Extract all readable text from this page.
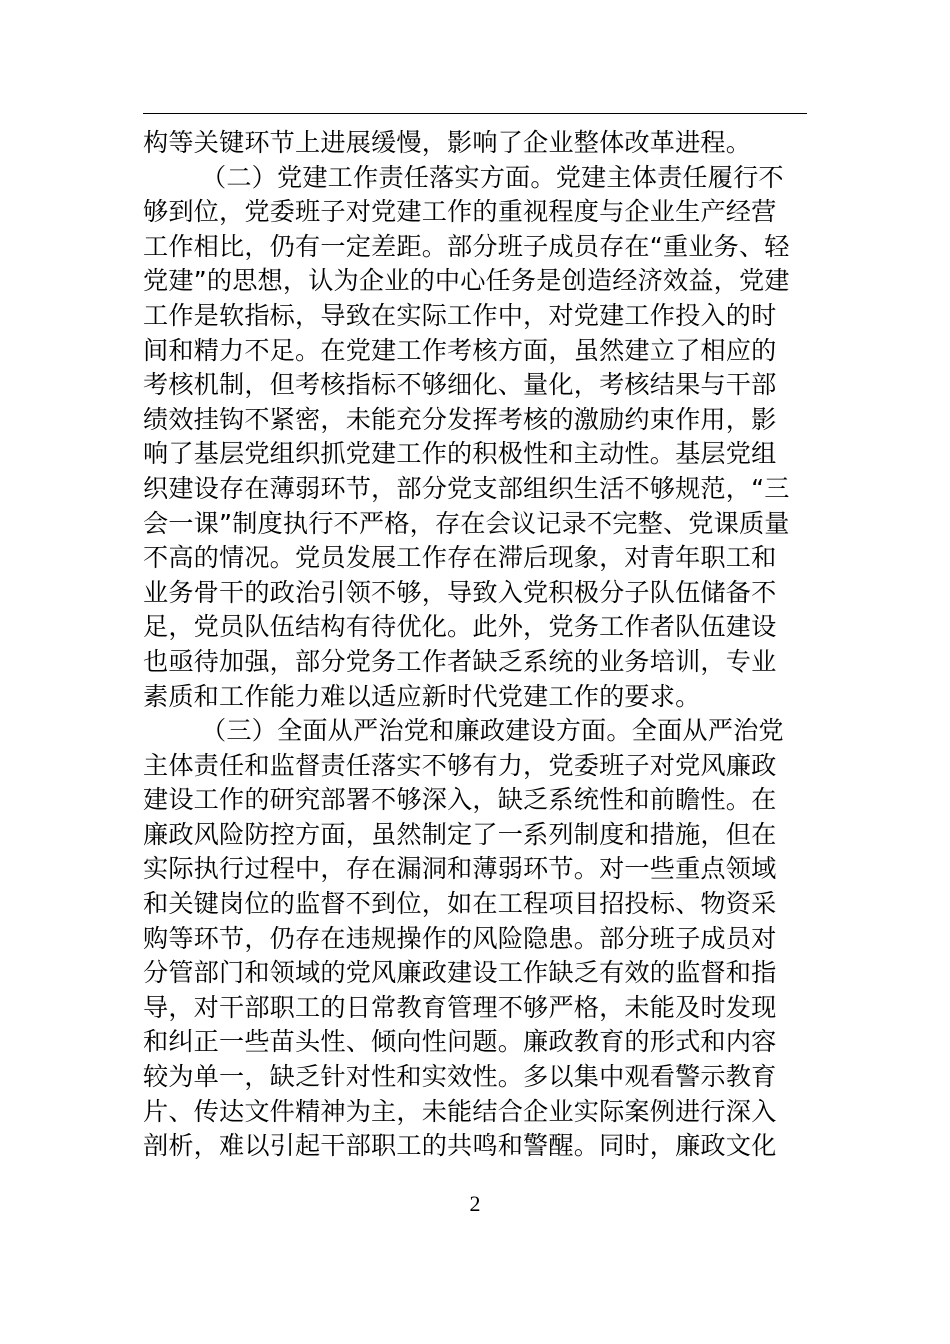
构等关键环节上进展缓慢，影响了企业整体改革进程。
（二）党建工作责任落实方面。党建主体责任履行不
够到位，党委班子对党建工作的重视程度与企业生产经营
工作相比，仍有一定差距。部分班子成员存在“重业务、轻
党建”的思想，认为企业的中心任务是创造经济效益，党建
工作是软指标，导致在实际工作中，对党建工作投入的时
间和精力不足。在党建工作考核方面，虽然建立了相应的
考核机制，但考核指标不够细化、量化，考核结果与干部
绩效挂钩不紧密，未能充分发挥考核的激励约束作用，影
响了基层党组织抓党建工作的积极性和主动性。基层党组
织建设存在薄弱环节，部分党支部组织生活不够规范，“三
会一课”制度执行不严格，存在会议记录不完整、党课质量
不高的情况。党员发展工作存在滞后现象，对青年职工和
业务骨干的政治引领不够，导致入党积极分子队伍储备不
足，党员队伍结构有待优化。此外，党务工作者队伍建设
也亟待加强，部分党务工作者缺乏系统的业务培训，专业
素质和工作能力难以适应新时代党建工作的要求。
（三）全面从严治党和廉政建设方面。全面从严治党
主体责任和监督责任落实不够有力，党委班子对党风廉政
建设工作的研究部署不够深入，缺乏系统性和前瞻性。在
廉政风险防控方面，虽然制定了一系列制度和措施，但在
实际执行过程中，存在漏洞和薄弱环节。对一些重点领域
和关键岗位的监督不到位，如在工程项目招投标、物资采
购等环节，仍存在违规操作的风险隐患。部分班子成员对
分管部门和领域的党风廉政建设工作缺乏有效的监督和指
导，对干部职工的日常教育管理不够严格，未能及时发现
和纠正一些苗头性、倾向性问题。廉政教育的形式和内容
较为单一，缺乏针对性和实效性。多以集中观看警示教育
片、传达文件精神为主，未能结合企业实际案例进行深入
剖析，难以引起干部职工的共鸣和警醒。同时，廉政文化
2
